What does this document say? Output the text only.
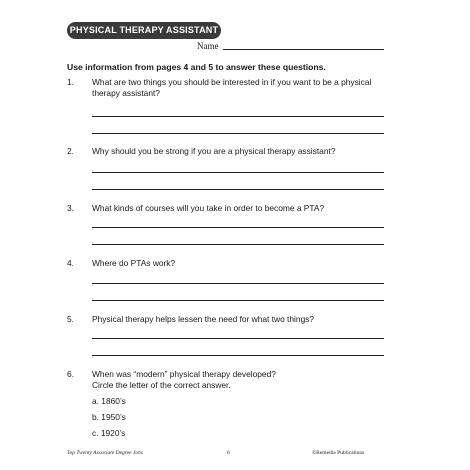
PHYSICAL THERAPY ASSISTANT
Name
Use information from pages 4 and 5 to answer these questions.
1. What are two things you should be interested in if you want to be a physical
therapy assistant?
2. Why should you be strong if you are a physical therapy assistant?
3. What kinds of courses will you take in order to become a PTA?
4. Where do PTAs work?
5. Physical therapy helps lessen the need for what two things?
6. When was “modern” physical therapy developed?
Circle the letter of the correct answer.
a. 1860’s
b. 1950’s
c. 1920’s
Top Twenty Associate Degree Jobs	6	©Remedia Publications
